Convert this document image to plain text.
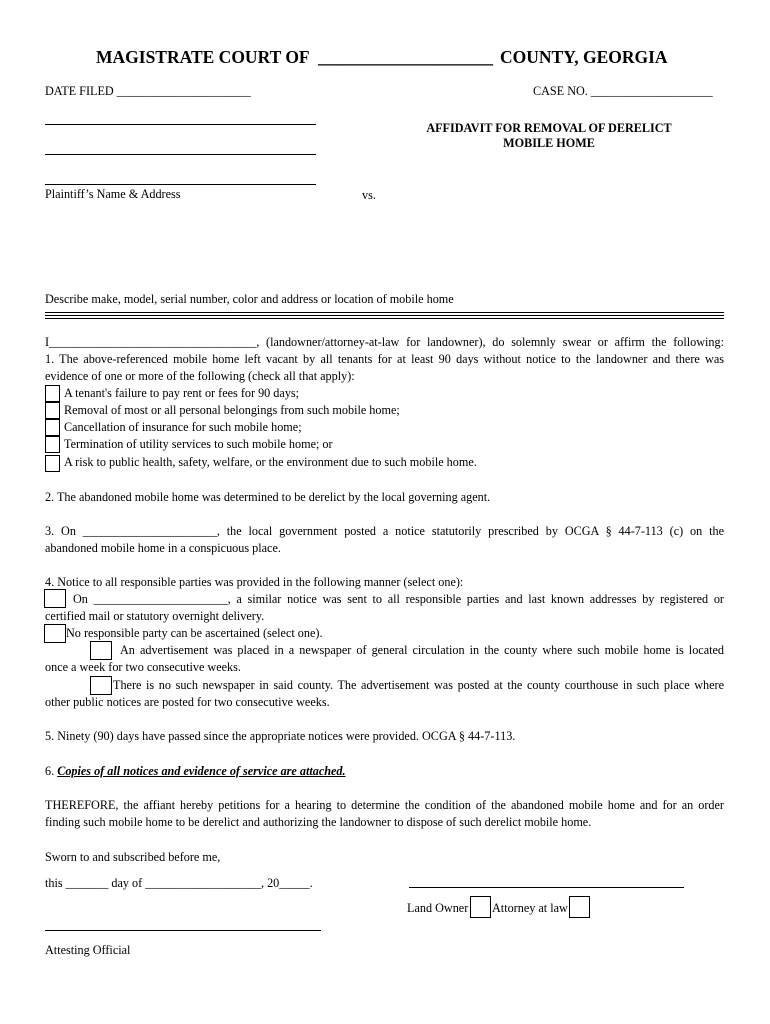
MAGISTRATE COURT OF ____________________ COUNTY, GEORGIA
DATE FILED ______________________	CASE NO. ____________________
AFFIDAVIT FOR REMOVAL OF DERELICT
MOBILE HOME
Plaintiff’s Name & Address	vs.
Describe make, model, serial number, color and address or location of mobile home
I__________________________________, (landowner/attorney-at-law for landowner), do solemnly swear or affirm the following:
1. The above-referenced mobile home left vacant by all tenants for at least 90 days without notice to the landowner and there was
evidence of one or more of the following (check all that apply):
A tenant's failure to pay rent or fees for 90 days;
Removal of most or all personal belongings from such mobile home;
Cancellation of insurance for such mobile home;
Termination of utility services to such mobile home; or
A risk to public health, safety, welfare, or the environment due to such mobile home.
2. The abandoned mobile home was determined to be derelict by the local governing agent.
3. On ______________________, the local government posted a notice statutorily prescribed by OCGA § 44-7-113 (c) on the
abandoned mobile home in a conspicuous place.
4. Notice to all responsible parties was provided in the following manner (select one):
On ______________________, a similar notice was sent to all responsible parties and last known addresses by registered or
certified mail or statutory overnight delivery.
No responsible party can be ascertained (select one).
An advertisement was placed in a newspaper of general circulation in the county where such mobile home is located
once a week for two consecutive weeks.
There is no such newspaper in said county. The advertisement was posted at the county courthouse in such place where
other public notices are posted for two consecutive weeks.
5. Ninety (90) days have passed since the appropriate notices were provided. OCGA § 44-7-113.
6. Copies of all notices and evidence of service are attached.
THEREFORE, the affiant hereby petitions for a hearing to determine the condition of the abandoned mobile home and for an order
finding such mobile home to be derelict and authorizing the landowner to dispose of such derelict mobile home.
Sworn to and subscribed before me,
this _______ day of ___________________, 20_____.
Land Owner Attorney at law
Attesting Official
